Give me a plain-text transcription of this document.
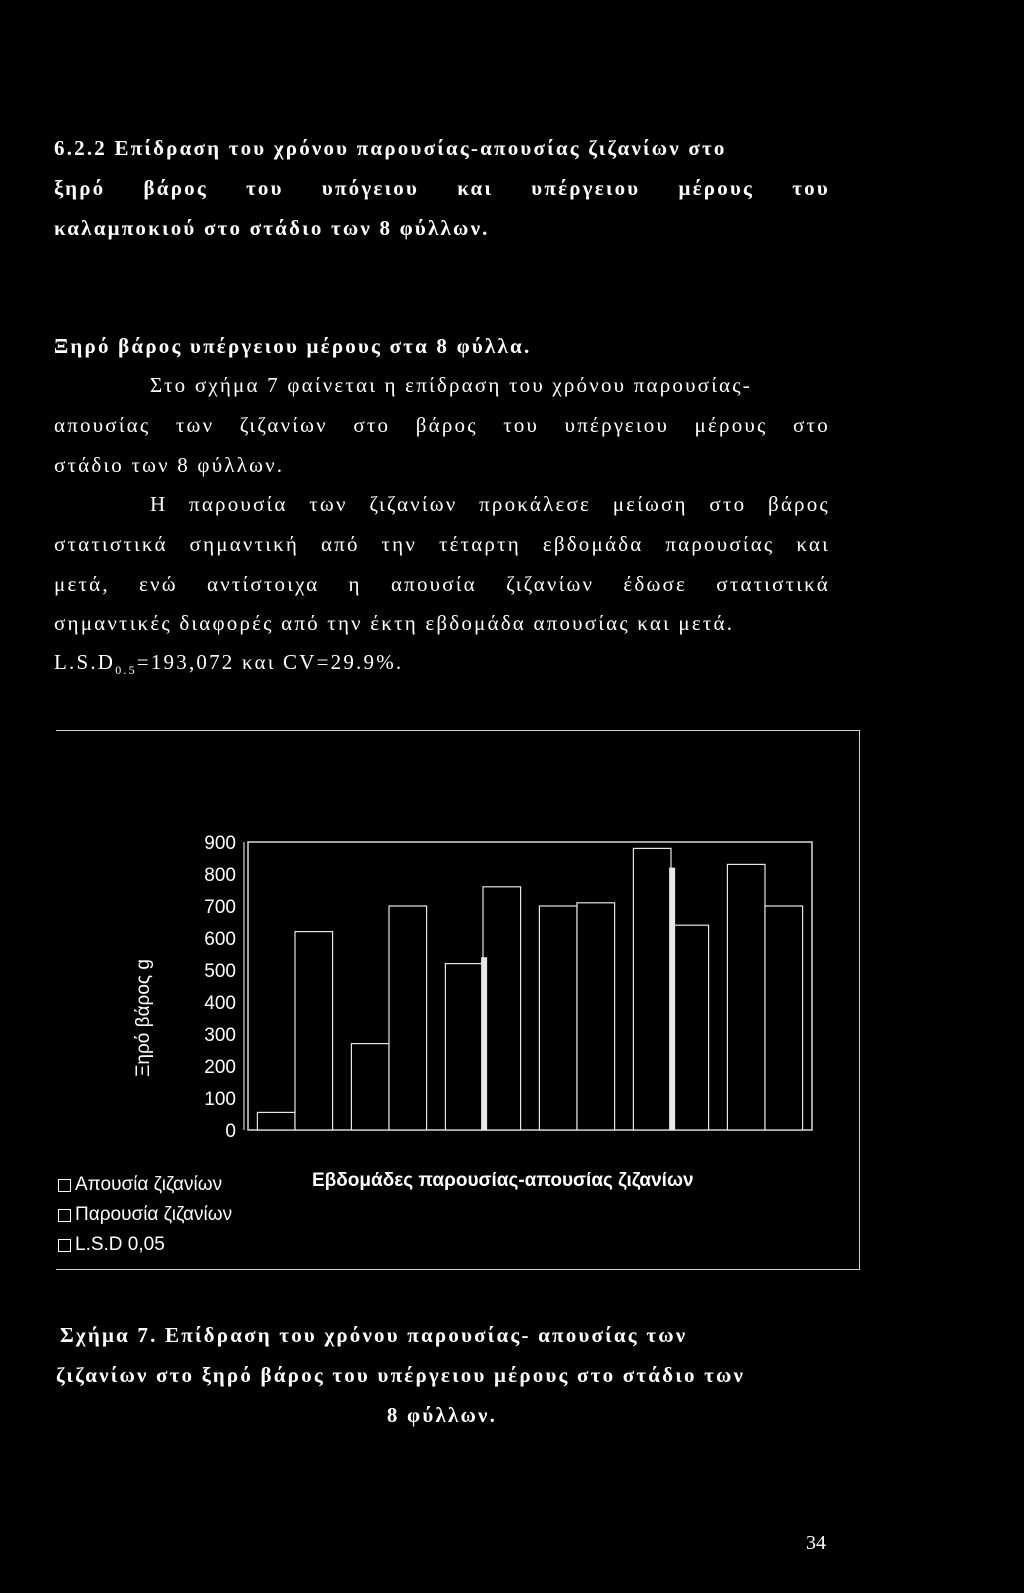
6.2.2 Επίδραση του χρόνου παρουσίας-απουσίας ζιζανίων στο
ξηρό βάρος του υπόγειου και υπέργειου μέρους του
καλαμποκιού στο στάδιο των 8 φύλλων.
Ξηρό βάρος υπέργειου μέρους στα 8 φύλλα.
Στο σχήμα 7 φαίνεται η επίδραση του χρόνου παρουσίας-
απουσίας των ζιζανίων στο βάρος του υπέργειου μέρους στο
στάδιο των 8 φύλλων.
Η παρουσία των ζιζανίων προκάλεσε μείωση στο βάρος
στατιστικά σημαντική από την τέταρτη εβδομάδα παρουσίας και
μετά, ενώ αντίστοιχα η απουσία ζιζανίων έδωσε στατιστικά
σημαντικές διαφορές από την έκτη εβδομάδα απουσίας και μετά.
$L.S.D_{0.5}=193,072$ και CV=29.9%.
0
100
200
300
400
500
600
700
800
900
Ξηρό βάρος g
Εβδομάδες παρουσίας-απουσίας ζιζανίων
Απουσία ζιζανίων
Παρουσία ζιζανίων
L.S.D 0,05
Σχήμα 7. Επίδραση του χρόνου παρουσίας- απουσίας των
ζιζανίων στο ξηρό βάρος του υπέργειου μέρους στο στάδιο των
8 φύλλων.
34
